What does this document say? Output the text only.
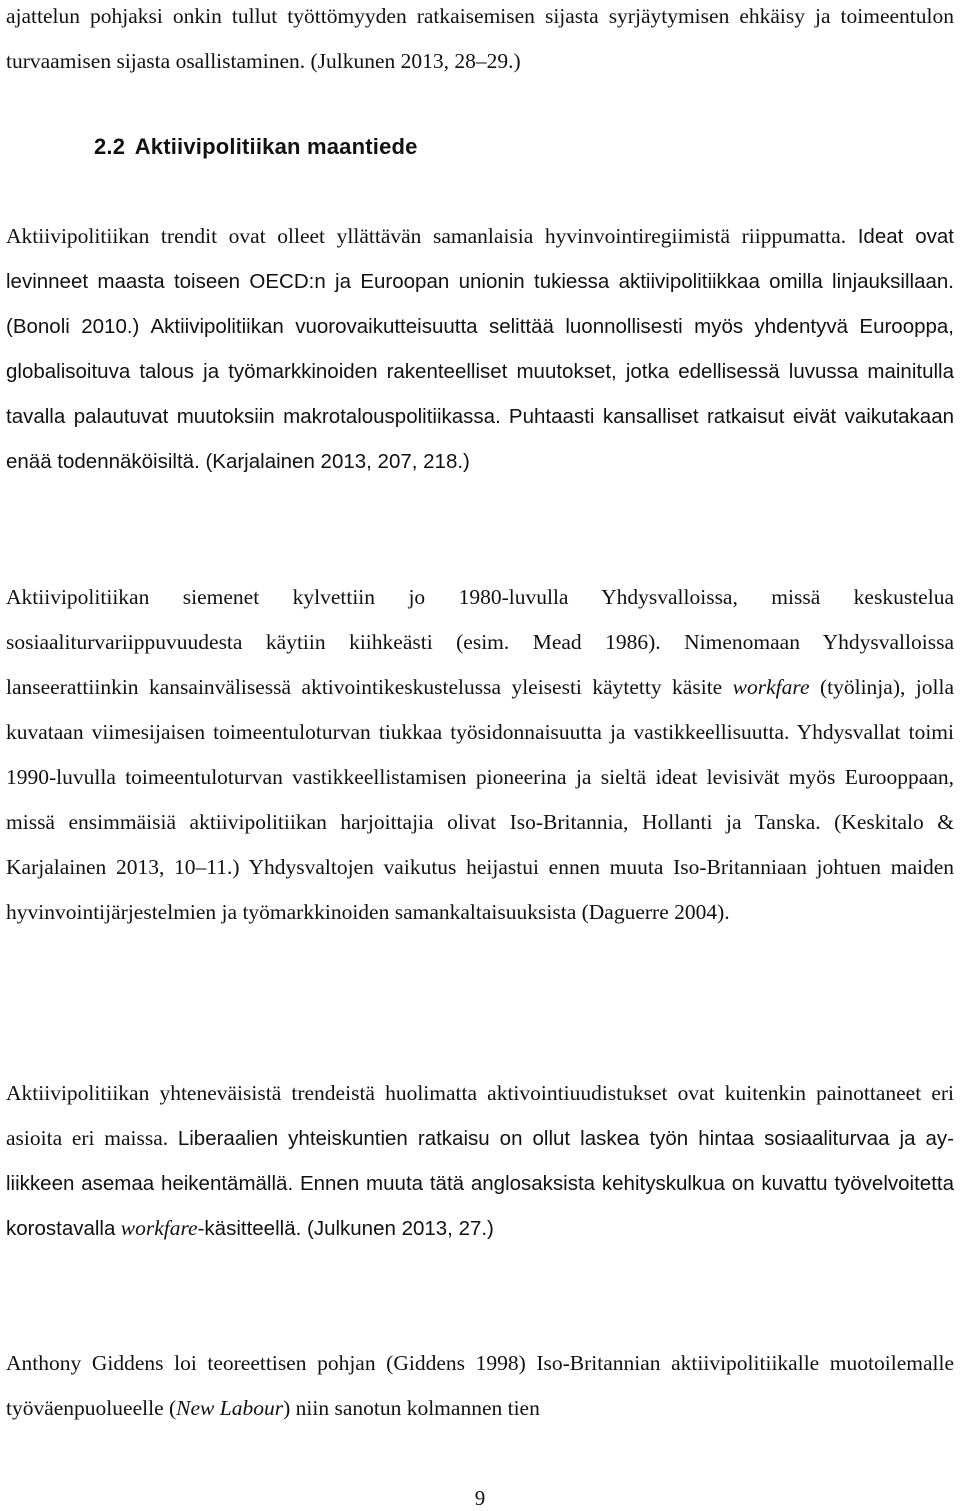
ajattelun pohjaksi onkin tullut työttömyyden ratkaisemisen sijasta syrjäytymisen ehkäisy ja toimeentulon turvaamisen sijasta osallistaminen. (Julkunen 2013, 28–29.)

2.2 Aktiivipolitiikan maantiede

Aktiivipolitiikan trendit ovat olleet yllättävän samanlaisia hyvinvointiregiimistä riippumatta. Ideat ovat levinneet maasta toiseen OECD:n ja Euroopan unionin tukiessa aktiivipolitiikkaa omilla linjauksillaan. (Bonoli 2010.) Aktiivipolitiikan vuorovaikutteisuutta selittää luonnollisesti myös yhdentyvä Eurooppa, globalisoituva talous ja työmarkkinoiden rakenteelliset muutokset, jotka edellisessä luvussa mainitulla tavalla palautuvat muutoksiin makrotalouspolitiikassa. Puhtaasti kansalliset ratkaisut eivät vaikutakaan enää todennäköisiltä. (Karjalainen 2013, 207, 218.)

Aktiivipolitiikan siemenet kylvettiin jo 1980-luvulla Yhdysvalloissa, missä keskustelua sosiaaliturvariippuvuudesta käytiin kiihkeästi (esim. Mead 1986). Nimenomaan Yhdysvalloissa lanseerattiinkin kansainvälisessä aktivointikeskustelussa yleisesti käytetty käsite workfare (työlinja), jolla kuvataan viimesijaisen toimeentuloturvan tiukkaa työsidonnaisuutta ja vastikkeellisuutta. Yhdysvallat toimi 1990-luvulla toimeentuloturvan vastikkeellistamisen pioneerina ja sieltä ideat levisivät myös Eurooppaan, missä ensimmäisiä aktiivipolitiikan harjoittajia olivat Iso-Britannia, Hollanti ja Tanska. (Keskitalo & Karjalainen 2013, 10–11.) Yhdysvaltojen vaikutus heijastui ennen muuta Iso-Britanniaan johtuen maiden hyvinvointijärjestelmien ja työmarkkinoiden samankaltaisuuksista (Daguerre 2004).

Aktiivipolitiikan yhteneväisistä trendeistä huolimatta aktivointiuudistukset ovat kuitenkin painottaneet eri asioita eri maissa. Liberaalien yhteiskuntien ratkaisu on ollut laskea työn hintaa sosiaaliturvaa ja ay-liikkeen asemaa heikentämällä. Ennen muuta tätä anglosaksista kehityskulkua on kuvattu työvelvoitetta korostavalla workfare-käsitteellä. (Julkunen 2013, 27.)

Anthony Giddens loi teoreettisen pohjan (Giddens 1998) Iso-Britannian aktiivipolitiikalle muotoilemalle työväenpuolueelle (New Labour) niin sanotun kolmannen tien

9
